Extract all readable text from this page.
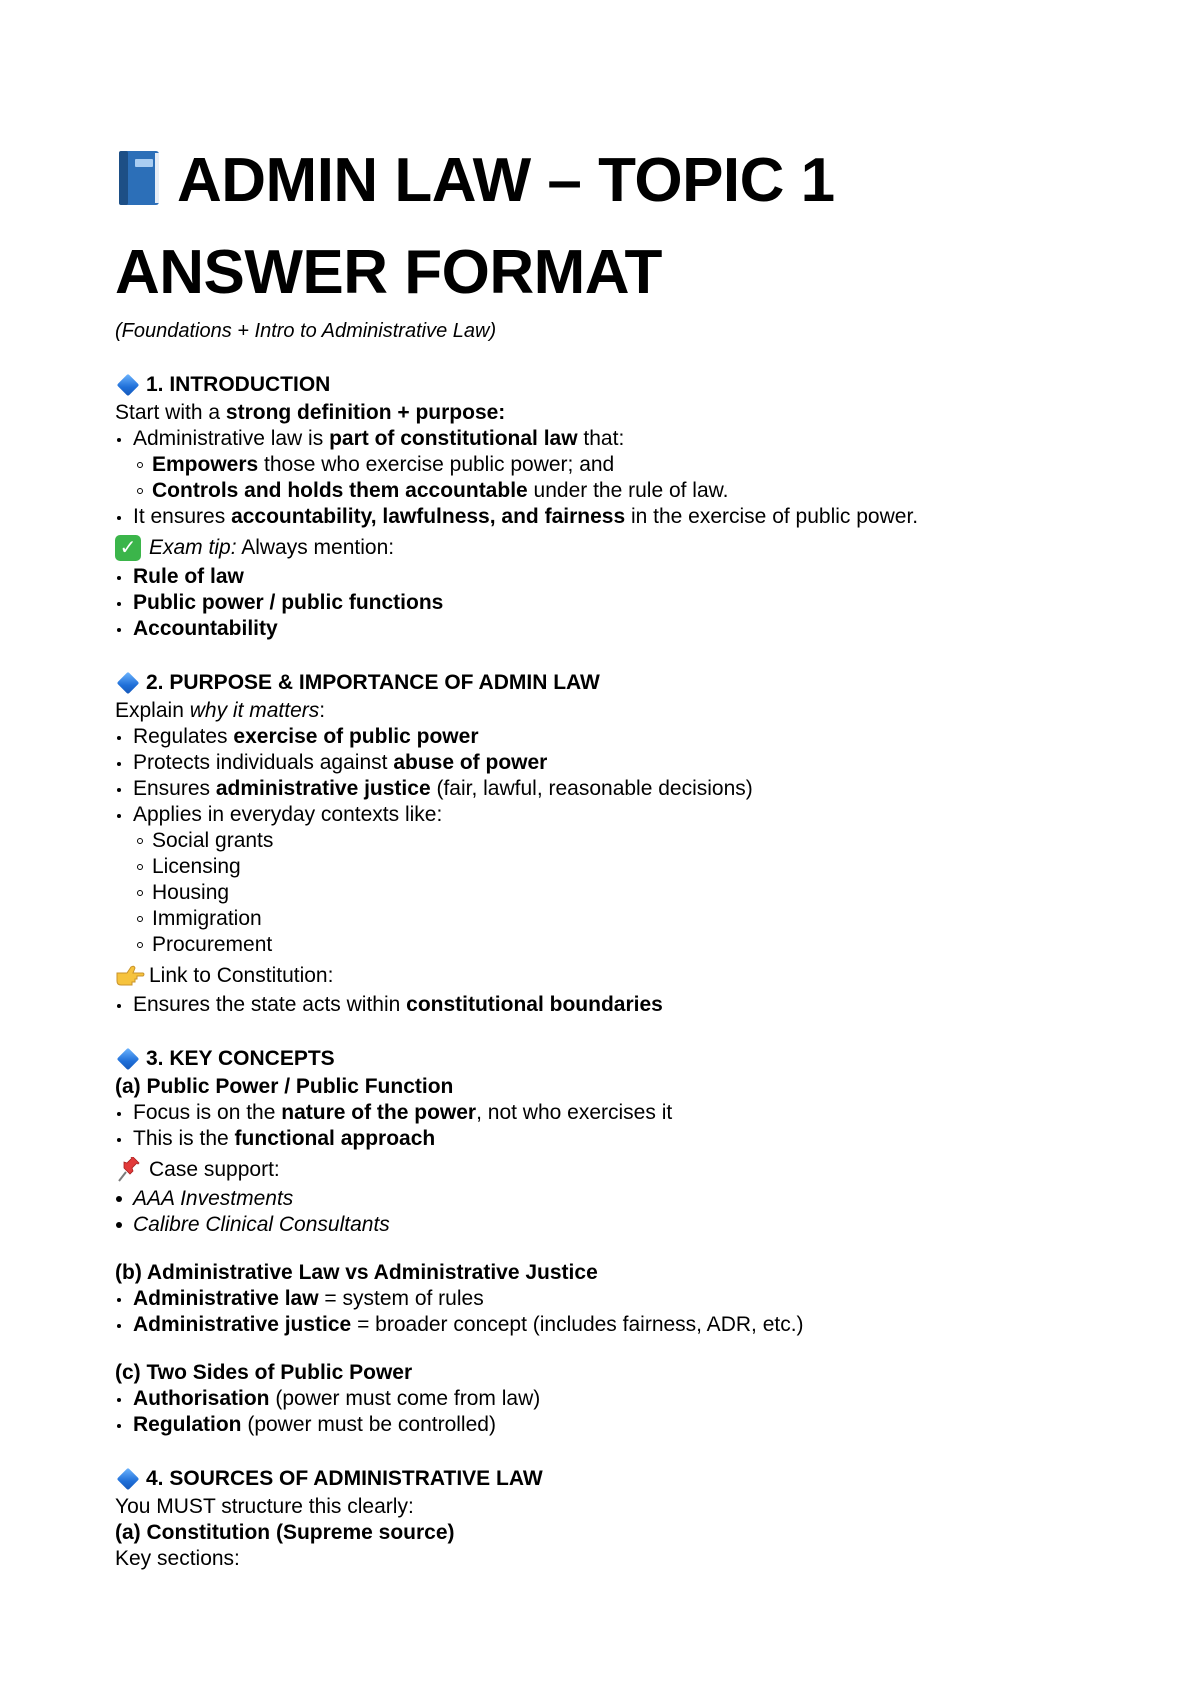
ADMIN LAW – TOPIC 1
ANSWER FORMAT
(Foundations + Intro to Administrative Law)
1. INTRODUCTION
Start with a strong definition + purpose:
Administrative law is part of constitutional law that:
Empowers those who exercise public power; and
Controls and holds them accountable under the rule of law.
It ensures accountability, lawfulness, and fairness in the exercise of public power.
✓ Exam tip: Always mention:
Rule of law
Public power / public functions
Accountability
2. PURPOSE & IMPORTANCE OF ADMIN LAW
Explain why it matters:
Regulates exercise of public power
Protects individuals against abuse of power
Ensures administrative justice (fair, lawful, reasonable decisions)
Applies in everyday contexts like:
Social grants
Licensing
Housing
Immigration
Procurement
Link to Constitution:
Ensures the state acts within constitutional boundaries
3. KEY CONCEPTS
(a) Public Power / Public Function
Focus is on the nature of the power, not who exercises it
This is the functional approach
Case support:
AAA Investments
Calibre Clinical Consultants
(b) Administrative Law vs Administrative Justice
Administrative law = system of rules
Administrative justice = broader concept (includes fairness, ADR, etc.)
(c) Two Sides of Public Power
Authorisation (power must come from law)
Regulation (power must be controlled)
4. SOURCES OF ADMINISTRATIVE LAW
You MUST structure this clearly:
(a) Constitution (Supreme source)
Key sections:
